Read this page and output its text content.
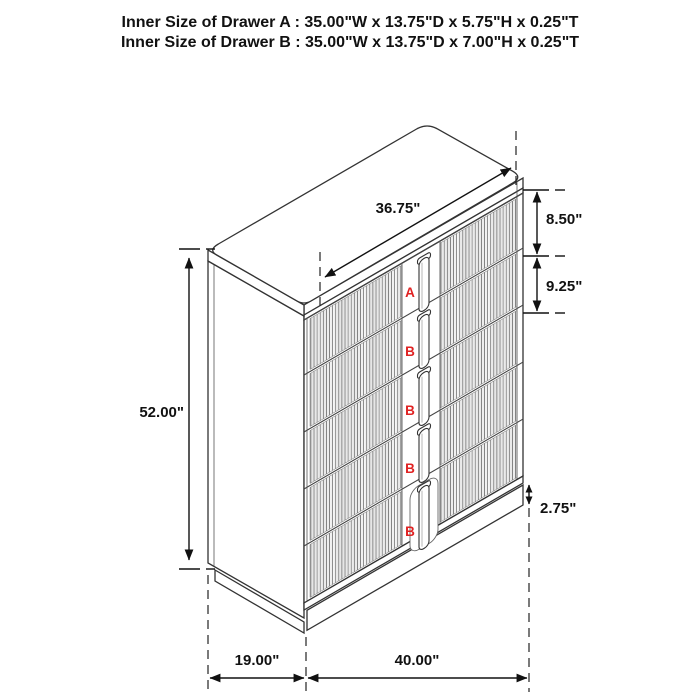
Inner Size of Drawer A : 35.00"W x 13.75"D x 5.75"H x 0.25"T
Inner Size of Drawer B : 35.00"W x 13.75"D x 7.00"H x 0.25"T
A
B
B
B
B
36.75"
8.50"
9.25"
52.00"
2.75"
19.00"	40.00"
